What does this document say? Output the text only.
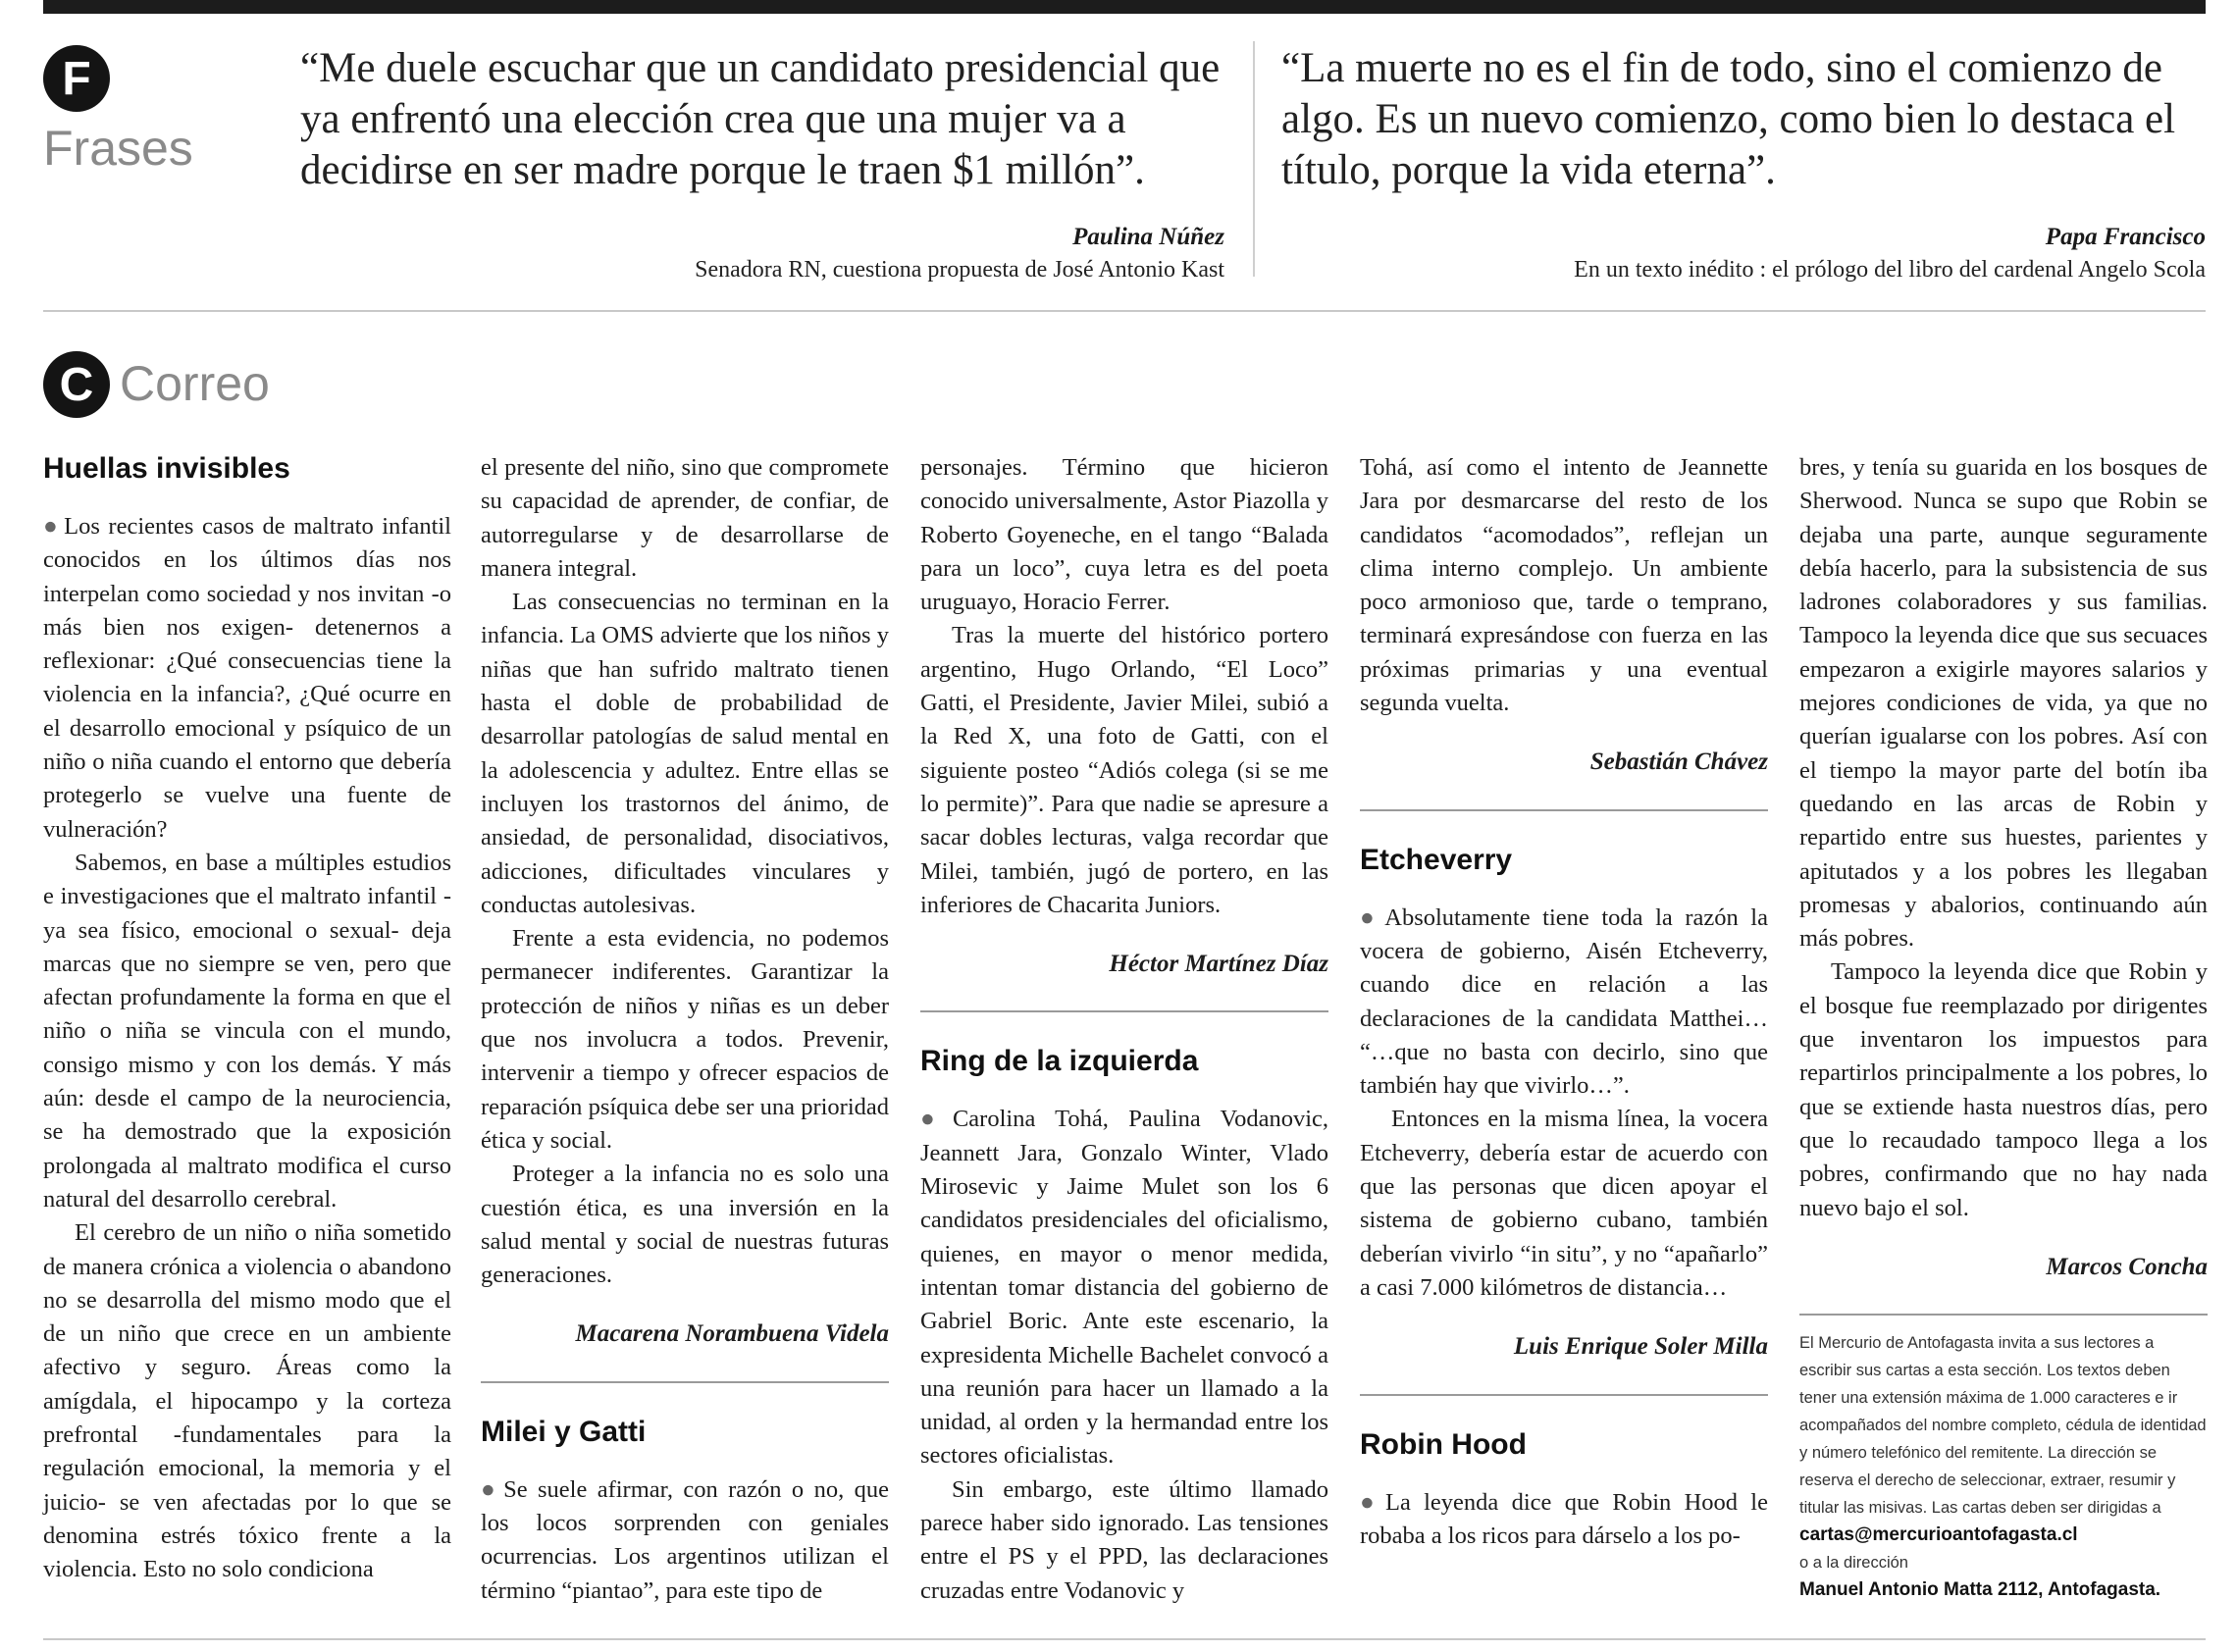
F
Frases
“Me duele escuchar que un candidato presidencial que ya enfrentó una elección crea que una mujer va a decidirse en ser madre porque le traen $1 millón”.
Paulina Núñez
Senadora RN, cuestiona propuesta de José Antonio Kast
“La muerte no es el fin de todo, sino el comienzo de algo. Es un nuevo comienzo, como bien lo destaca el título, porque la vida eterna”.
Papa Francisco
En un texto inédito : el prólogo del libro del cardenal Angelo Scola
C Correo
Huellas invisibles

● Los recientes casos de maltrato infantil conocidos en los últimos días nos interpelan como sociedad y nos invitan -o más bien nos exigen- detenernos a reflexionar: ¿Qué consecuencias tiene la violencia en la infancia?, ¿Qué ocurre en el desarrollo emocional y psíquico de un niño o niña cuando el entorno que debería protegerlo se vuelve una fuente de vulneración?

Sabemos, en base a múltiples estudios e investigaciones que el maltrato infantil -ya sea físico, emocional o sexual- deja marcas que no siempre se ven, pero que afectan profundamente la forma en que el niño o niña se vincula con el mundo, consigo mismo y con los demás. Y más aún: desde el campo de la neurociencia, se ha demostrado que la exposición prolongada al maltrato modifica el curso natural del desarrollo cerebral.

El cerebro de un niño o niña sometido de manera crónica a violencia o abandono no se desarrolla del mismo modo que el de un niño que crece en un ambiente afectivo y seguro. Áreas como la amígdala, el hipocampo y la corteza prefrontal -fundamentales para la regulación emocional, la memoria y el juicio- se ven afectadas por lo que se denomina estrés tóxico frente a la violencia. Esto no solo condiciona

el presente del niño, sino que compromete su capacidad de aprender, de confiar, de autorregularse y de desarrollarse de manera integral.

Las consecuencias no terminan en la infancia. La OMS advierte que los niños y niñas que han sufrido maltrato tienen hasta el doble de probabilidad de desarrollar patologías de salud mental en la adolescencia y adultez. Entre ellas se incluyen los trastornos del ánimo, de ansiedad, de personalidad, disociativos, adicciones, dificultades vinculares y conductas autolesivas.

Frente a esta evidencia, no podemos permanecer indiferentes. Garantizar la protección de niños y niñas es un deber que nos involucra a todos. Prevenir, intervenir a tiempo y ofrecer espacios de reparación psíquica debe ser una prioridad ética y social.

Proteger a la infancia no es solo una cuestión ética, es una inversión en la salud mental y social de nuestras futuras generaciones.

Macarena Norambuena Videla
Milei y Gatti

● Se suele afirmar, con razón o no, que los locos sorprenden con geniales ocurrencias. Los argentinos utilizan el término “piantao”, para este tipo de

personajes. Término que hicieron conocido universalmente, Astor Piazolla y Roberto Goyeneche, en el tango “Balada para un loco”, cuya letra es del poeta uruguayo, Horacio Ferrer.

Tras la muerte del histórico portero argentino, Hugo Orlando, “El Loco” Gatti, el Presidente, Javier Milei, subió a la Red X, una foto de Gatti, con el siguiente posteo “Adiós colega (si se me lo permite)”. Para que nadie se apresure a sacar dobles lecturas, valga recordar que Milei, también, jugó de portero, en las inferiores de Chacarita Juniors.

Héctor Martínez Díaz
Ring de la izquierda

● Carolina Tohá, Paulina Vodanovic, Jeannett Jara, Gonzalo Winter, Vlado Mirosevic y Jaime Mulet son los 6 candidatos presidenciales del oficialismo, quienes, en mayor o menor medida, intentan tomar distancia del gobierno de Gabriel Boric. Ante este escenario, la expresidenta Michelle Bachelet convocó a una reunión para hacer un llamado a la unidad, al orden y la hermandad entre los sectores oficialistas.

Sin embargo, este último llamado parece haber sido ignorado. Las tensiones entre el PS y el PPD, las declaraciones cruzadas entre Vodanovic y

Tohá, así como el intento de Jeannette Jara por desmarcarse del resto de los candidatos “acomodados”, reflejan un clima interno complejo. Un ambiente poco armonioso que, tarde o temprano, terminará expresándose con fuerza en las próximas primarias y una eventual segunda vuelta.

Sebastián Chávez
Etcheverry

● Absolutamente tiene toda la razón la vocera de gobierno, Aisén Etcheverry, cuando dice en relación a las declaraciones de la candidata Matthei… “…que no basta con decirlo, sino que también hay que vivirlo…”.

Entonces en la misma línea, la vocera Etcheverry, debería estar de acuerdo con que las personas que dicen apoyar el sistema de gobierno cubano, también deberían vivirlo “in situ”, y no “apañarlo” a casi 7.000 kilómetros de distancia…

Luis Enrique Soler Milla
Robin Hood

● La leyenda dice que Robin Hood le robaba a los ricos para dárselo a los po-

bres, y tenía su guarida en los bosques de Sherwood. Nunca se supo que Robin se dejaba una parte, aunque seguramente debía hacerlo, para la subsistencia de sus ladrones colaboradores y sus familias. Tampoco la leyenda dice que sus secuaces empezaron a exigirle mayores salarios y mejores condiciones de vida, ya que no querían igualarse con los pobres. Así con el tiempo la mayor parte del botín iba quedando en las arcas de Robin y repartido entre sus huestes, parientes y apitutados y a los pobres les llegaban promesas y abalorios, continuando aún más pobres.

Tampoco la leyenda dice que Robin y el bosque fue reemplazado por dirigentes que inventaron los impuestos para repartirlos principalmente a los pobres, lo que se extiende hasta nuestros días, pero que lo recaudado tampoco llega a los pobres, confirmando que no hay nada nuevo bajo el sol.

Marcos Concha
El Mercurio de Antofagasta invita a sus lectores a escribir sus cartas a esta sección. Los textos deben tener una extensión máxima de 1.000 caracteres e ir acompañados del nombre completo, cédula de identidad y número telefónico del remitente. La dirección se reserva el derecho de seleccionar, extraer, resumir y titular las misivas. Las cartas deben ser dirigidas a
cartas@mercurioantofagasta.cl
o a la dirección
Manuel Antonio Matta 2112, Antofagasta.
